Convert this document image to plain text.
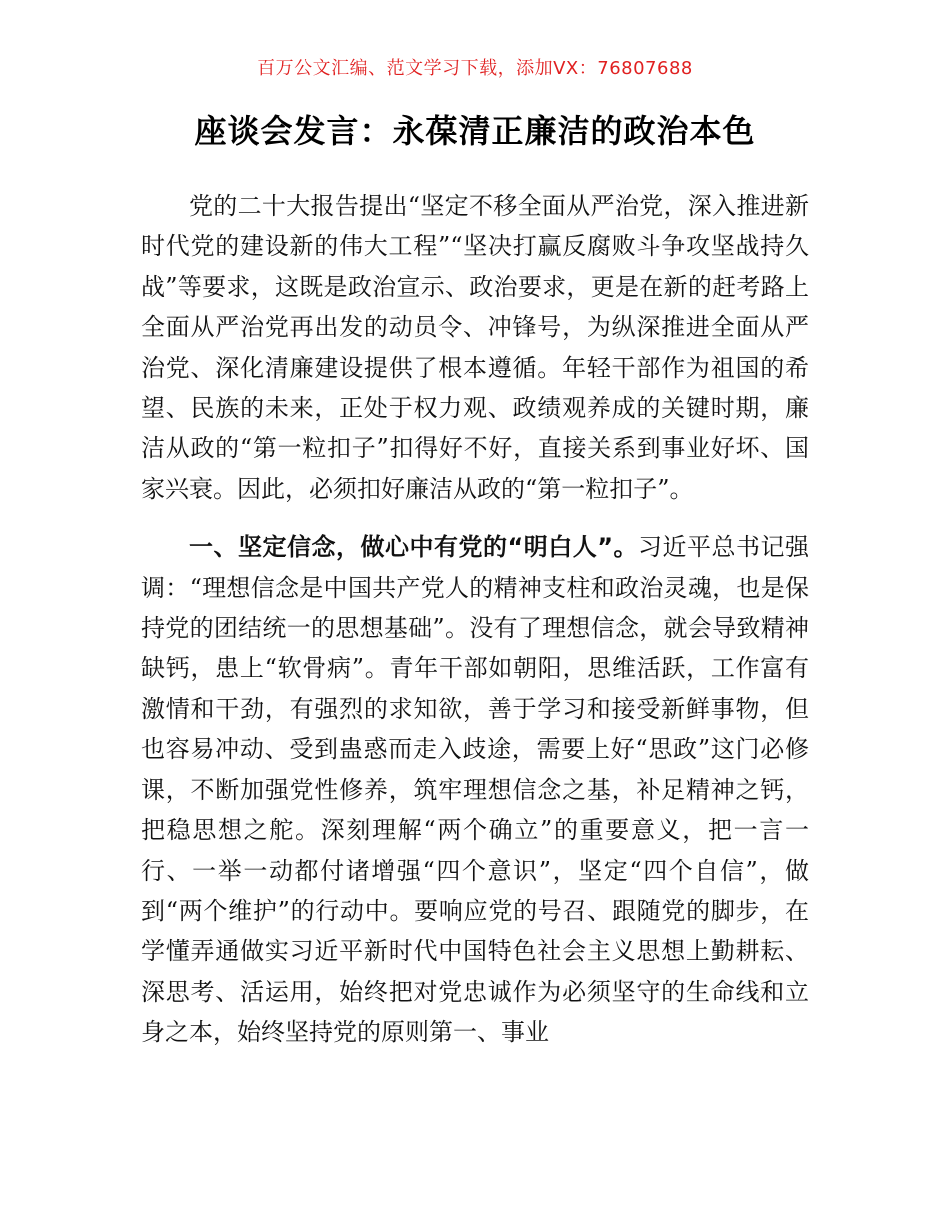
百万公文汇编、范文学习下载，添加VX：76807688
座谈会发言：永葆清正廉洁的政治本色

党的二十大报告提出“坚定不移全面从严治党，深入推进新时代党的建设新的伟大工程”“坚决打赢反腐败斗争攻坚战持久战”等要求，这既是政治宣示、政治要求，更是在新的赶考路上全面从严治党再出发的动员令、冲锋号，为纵深推进全面从严治党、深化清廉建设提供了根本遵循。年轻干部作为祖国的希望、民族的未来，正处于权力观、政绩观养成的关键时期，廉洁从政的“第一粒扣子”扣得好不好，直接关系到事业好坏、国家兴衰。因此，必须扣好廉洁从政的“第一粒扣子”。

一、坚定信念，做心中有党的“明白人”。习近平总书记强调：“理想信念是中国共产党人的精神支柱和政治灵魂，也是保持党的团结统一的思想基础”。没有了理想信念，就会导致精神缺钙，患上“软骨病”。青年干部如朝阳，思维活跃，工作富有激情和干劲，有强烈的求知欲，善于学习和接受新鲜事物，但也容易冲动、受到蛊惑而走入歧途，需要上好“思政”这门必修课，不断加强党性修养，筑牢理想信念之基，补足精神之钙，把稳思想之舵。深刻理解“两个确立”的重要意义，把一言一行、一举一动都付诸增强“四个意识”，坚定“四个自信”，做到“两个维护”的行动中。要响应党的号召、跟随党的脚步，在学懂弄通做实习近平新时代中国特色社会主义思想上勤耕耘、深思考、活运用，始终把对党忠诚作为必须坚守的生命线和立身之本，始终坚持党的原则第一、事业
